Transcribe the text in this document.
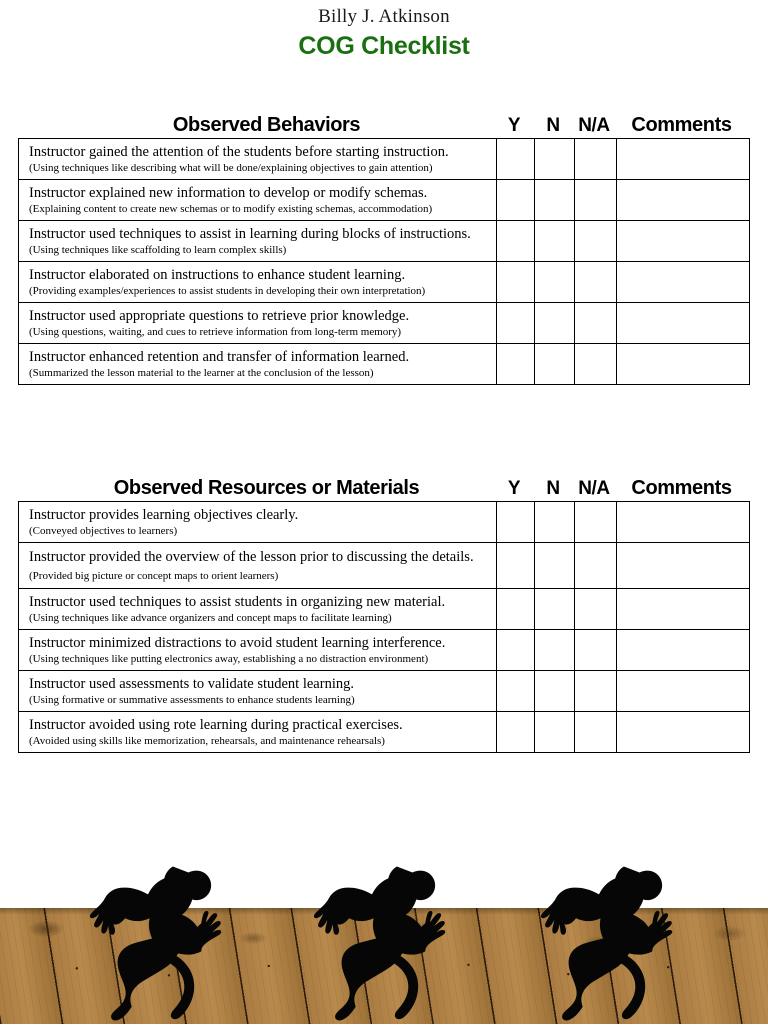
Billy J. Atkinson
COG Checklist
Observed Behaviors	Y	N N/A	Comments
Instructor gained the attention of the students before starting instruction.
(Using techniques like describing what will be done/explaining objectives to gain attention)				

Instructor explained new information to develop or modify schemas.
(Explaining content to create new schemas or to modify existing schemas, accommodation)				

Instructor used techniques to assist in learning during blocks of instructions.
(Using techniques like scaffolding to learn complex skills)				

Instructor elaborated on instructions to enhance student learning.
(Providing examples/experiences to assist students in developing their own interpretation)				

Instructor used appropriate questions to retrieve prior knowledge.
(Using questions, waiting, and cues to retrieve information from long-term memory)				

Instructor enhanced retention and transfer of information learned.
(Summarized the lesson material to the learner at the conclusion of the lesson)				

Observed Resources or Materials	Y	N N/A	Comments
Instructor provides learning objectives clearly.
(Conveyed objectives to learners)				

Instructor provided the overview of the lesson prior to discussing the details. (Provided big picture or concept maps to orient learners)				

Instructor used techniques to assist students in organizing new material.
(Using techniques like advance organizers and concept maps to facilitate learning)				

Instructor minimized distractions to avoid student learning interference.
(Using techniques like putting electronics away, establishing a no distraction environment)				

Instructor used assessments to validate student learning.
(Using formative or summative assessments to enhance students learning)				

Instructor avoided using rote learning during practical exercises.
(Avoided using skills like memorization, rehearsals, and maintenance rehearsals)				
